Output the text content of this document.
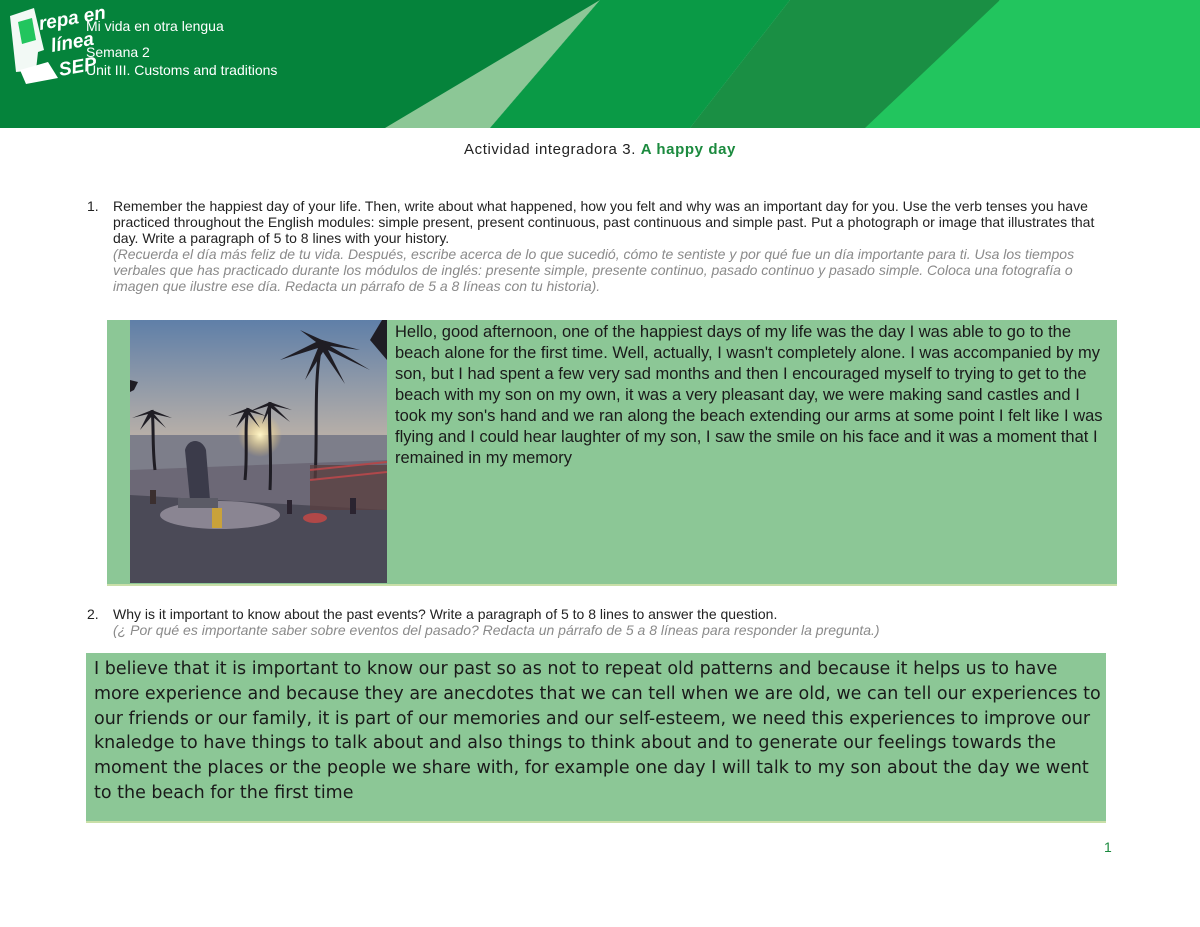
Mi vida en otra lengua
Semana 2
Unit III. Customs and traditions
repa en
línea
SEP
Actividad integradora 3. A happy day
1. Remember the happiest day of your life. Then, write about what happened, how you felt and why was an important day for you. Use the verb tenses you have practiced throughout the English modules: simple present, present continuous, past continuous and simple past. Put a photograph or image that illustrates that day. Write a paragraph of 5 to 8 lines with your history.
(Recuerda el día más feliz de tu vida. Después, escribe acerca de lo que sucedió, cómo te sentiste y por qué fue un día importante para ti. Usa los tiempos verbales que has practicado durante los módulos de inglés: presente simple, presente continuo, pasado continuo y pasado simple. Coloca una fotografía o imagen que ilustre ese día. Redacta un párrafo de 5 a 8 líneas con tu historia).
Hello, good afternoon, one of the happiest days of my life was the day I was able to go to the beach alone for the first time. Well, actually, I wasn't completely alone. I was accompanied by my son, but I had spent a few very sad months and then I encouraged myself to trying to get to the beach with my son on my own, it was a very pleasant day, we were making sand castles and I took my son's hand and we ran along the beach extending our arms at some point I felt like I was flying and I could hear laughter of my son, I saw the smile on his face and it was a moment that I remained in my memory
2. Why is it important to know about the past events? Write a paragraph of 5 to 8 lines to answer the question.
(¿ Por qué es importante saber sobre eventos del pasado? Redacta un párrafo de 5 a 8 líneas para responder la pregunta.)
I believe that it is important to know our past so as not to repeat old patterns and because it helps us to have more experience and because they are anecdotes that we can tell when we are old, we can tell our experiences to our friends or our family, it is part of our memories and our self-esteem, we need this experiences to improve our knaledge to have things to talk about and also things to think about and to generate our feelings towards the moment the places or the people we share with, for example one day I will talk to my son about the day we went to the beach for the first time
1
